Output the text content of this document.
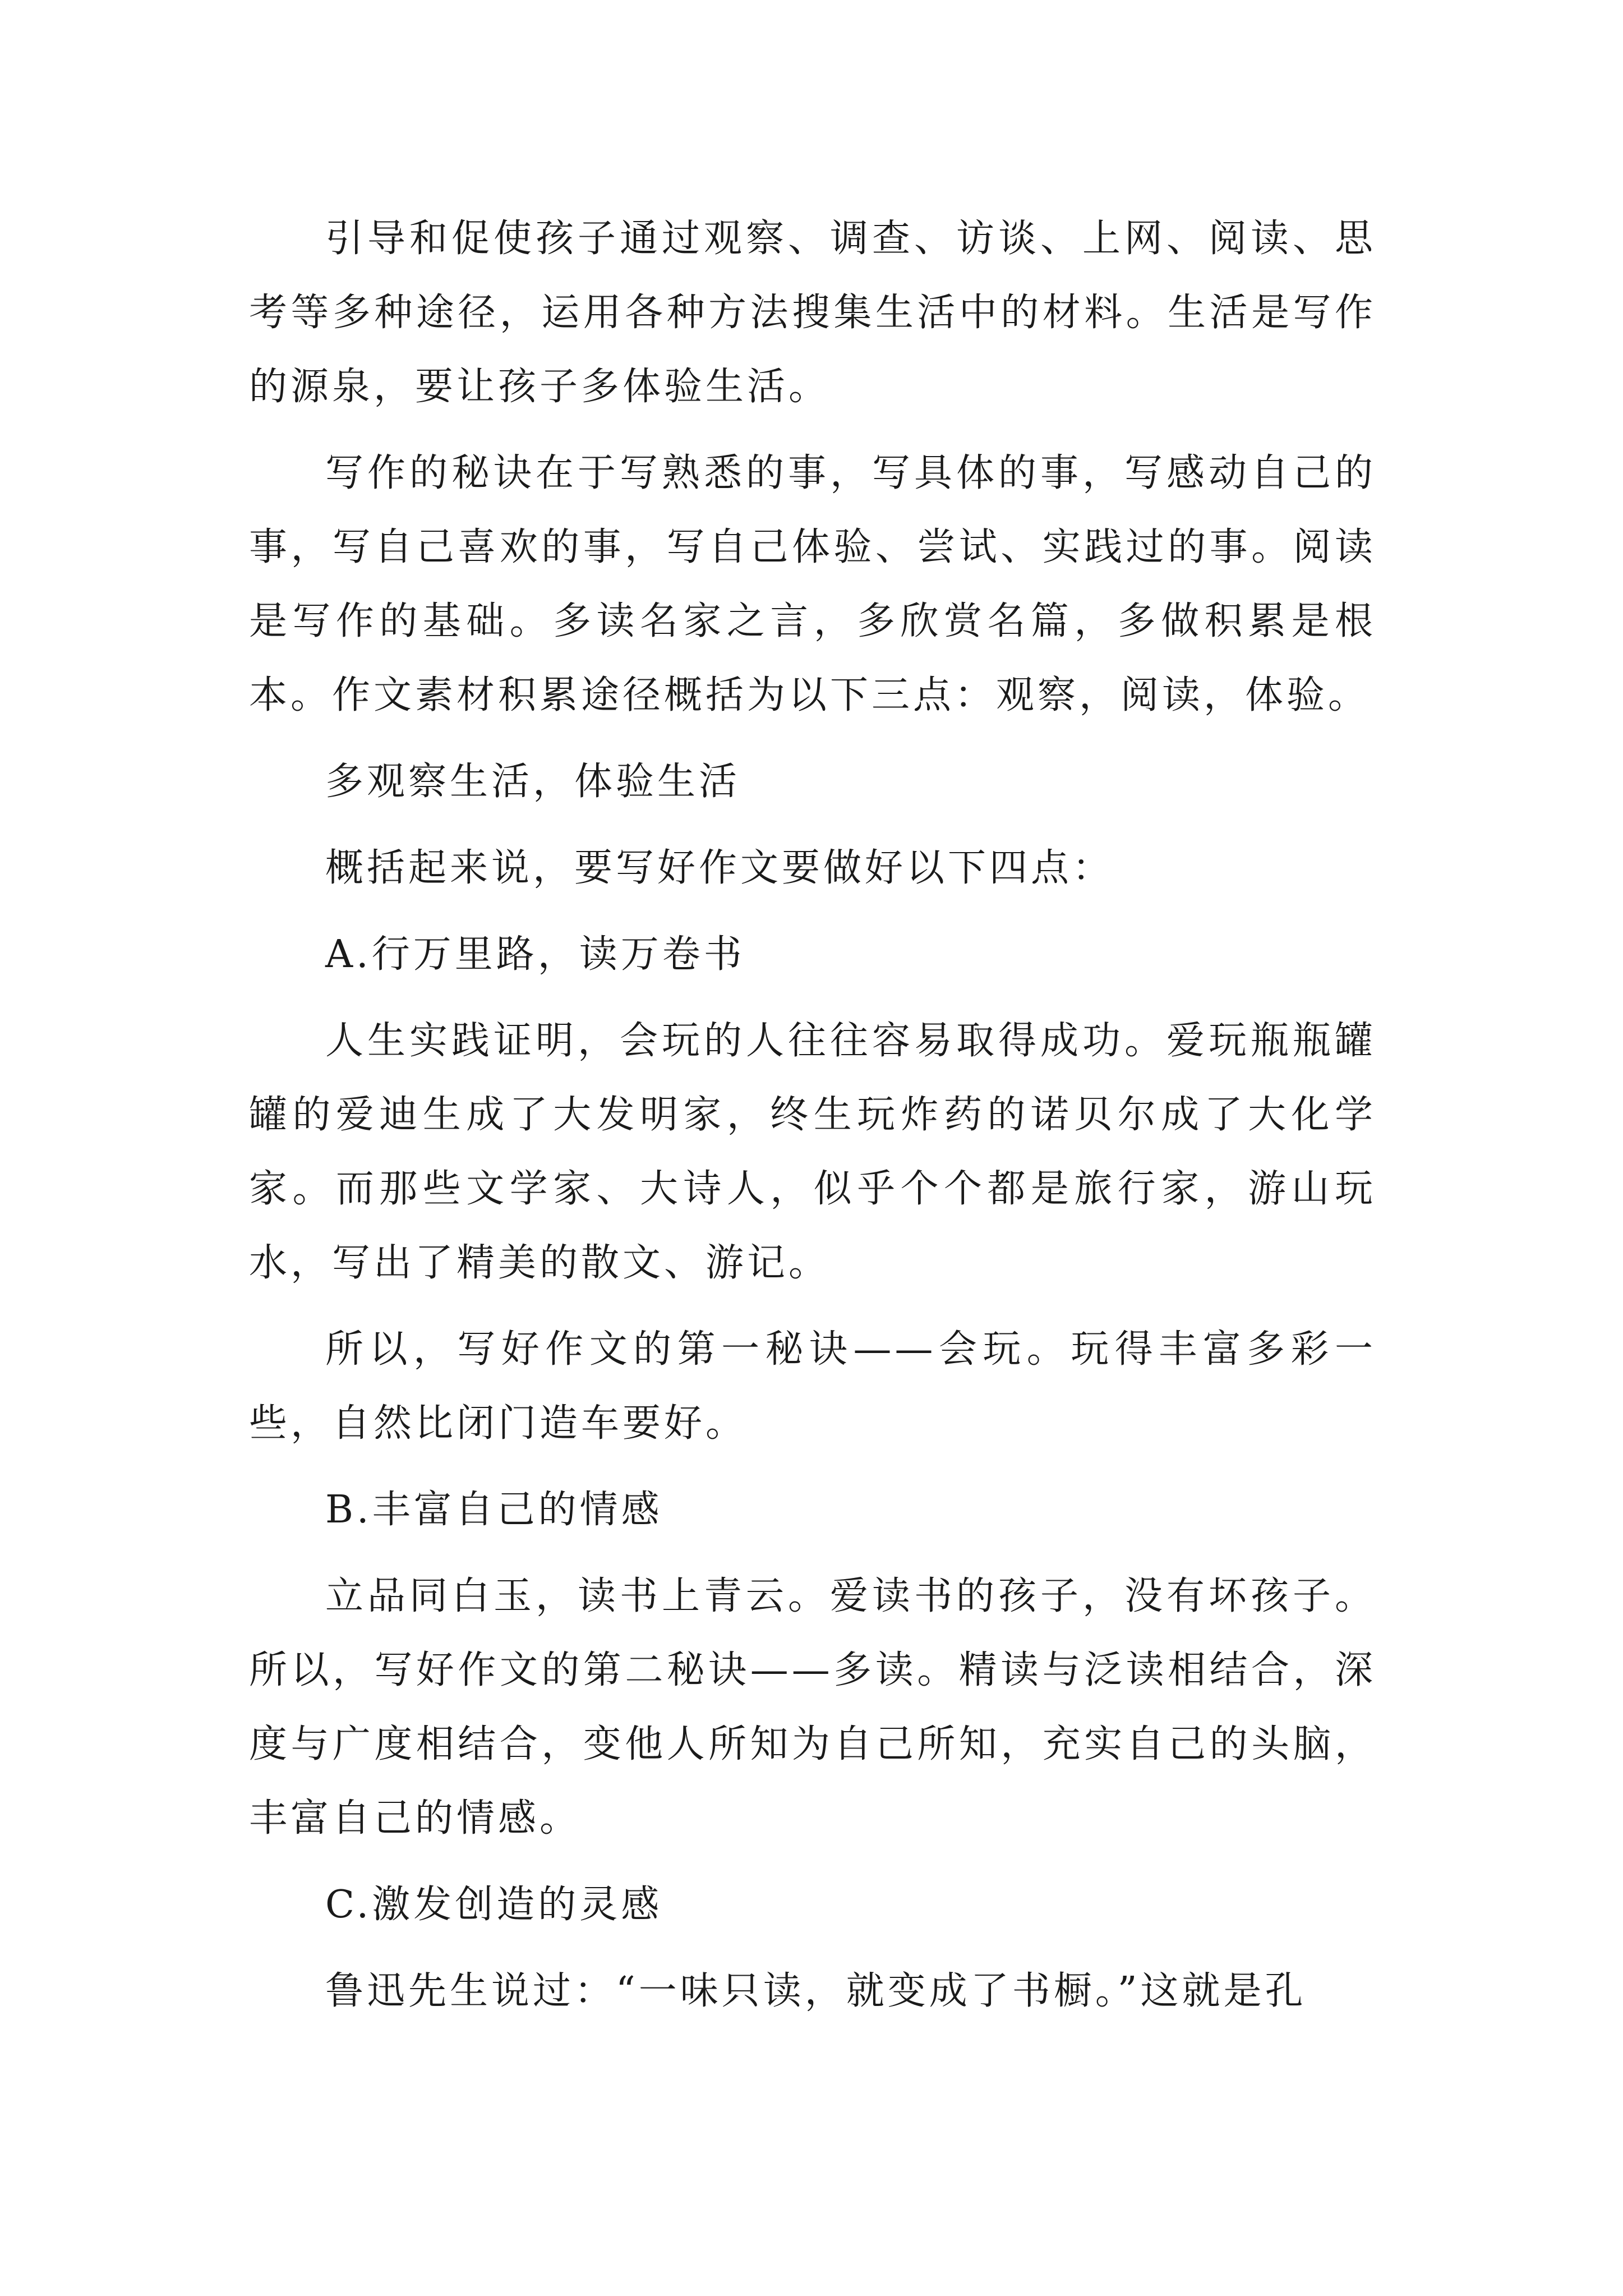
引导和促使孩子通过观察、调查、访谈、上网、阅读、思考等多种途径，运用各种方法搜集生活中的材料。生活是写作的源泉，要让孩子多体验生活。

写作的秘诀在于写熟悉的事，写具体的事，写感动自己的事，写自己喜欢的事，写自己体验、尝试、实践过的事。阅读是写作的基础。多读名家之言，多欣赏名篇，多做积累是根本。作文素材积累途径概括为以下三点：观察，阅读，体验。

多观察生活，体验生活

概括起来说，要写好作文要做好以下四点：

A.行万里路，读万卷书

人生实践证明，会玩的人往往容易取得成功。爱玩瓶瓶罐罐的爱迪生成了大发明家，终生玩炸药的诺贝尔成了大化学家。而那些文学家、大诗人，似乎个个都是旅行家，游山玩水，写出了精美的散文、游记。

所以，写好作文的第一秘诀——会玩。玩得丰富多彩一些，自然比闭门造车要好。

B.丰富自己的情感

立品同白玉，读书上青云。爱读书的孩子，没有坏孩子。所以，写好作文的第二秘诀——多读。精读与泛读相结合，深度与广度相结合，变他人所知为自己所知，充实自己的头脑，丰富自己的情感。

C.激发创造的灵感

鲁迅先生说过：“一味只读，就变成了书橱。”这就是孔
